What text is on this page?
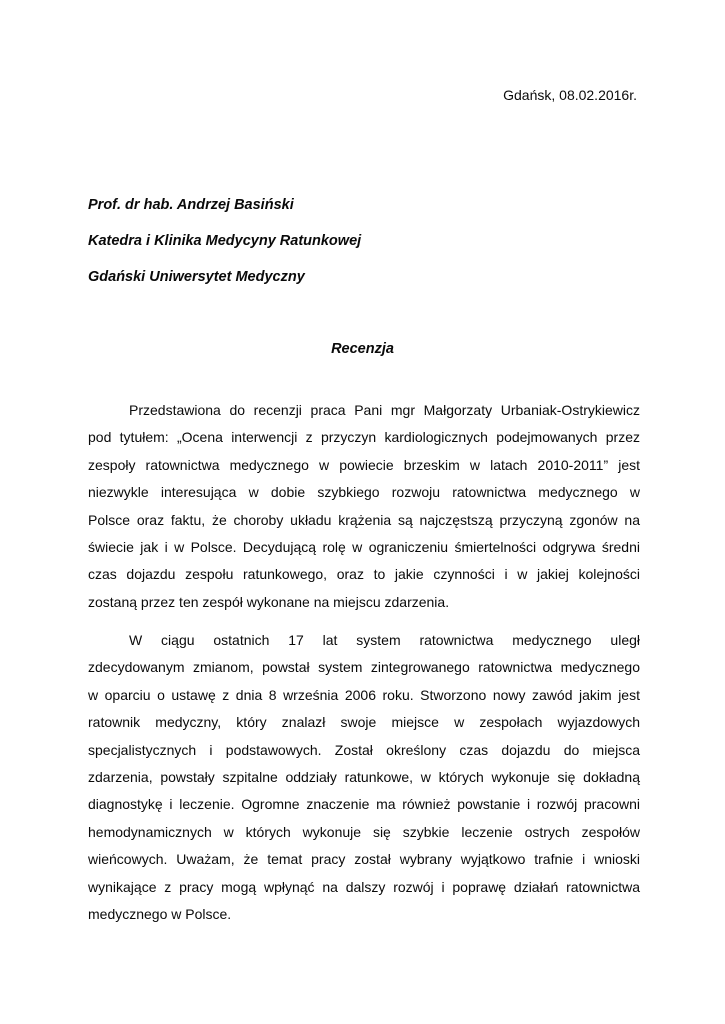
Gdańsk, 08.02.2016r.
Prof. dr hab. Andrzej Basiński
Katedra i Klinika Medycyny Ratunkowej
Gdański Uniwersytet Medyczny
Recenzja
Przedstawiona do recenzji praca Pani mgr Małgorzaty Urbaniak-Ostrykiewicz
pod tytułem: „Ocena interwencji z przyczyn kardiologicznych podejmowanych przez
zespoły ratownictwa medycznego w powiecie brzeskim w latach 2010-2011” jest
niezwykle interesująca w dobie szybkiego rozwoju ratownictwa medycznego w
Polsce oraz faktu, że choroby układu krążenia są najczęstszą przyczyną zgonów na
świecie jak i w Polsce. Decydującą rolę w ograniczeniu śmiertelności odgrywa średni
czas dojazdu zespołu ratunkowego, oraz to jakie czynności i w jakiej kolejności
zostaną przez ten zespół wykonane na miejscu zdarzenia.
W ciągu ostatnich 17 lat system ratownictwa medycznego uległ
zdecydowanym zmianom, powstał system zintegrowanego ratownictwa medycznego
w oparciu o ustawę z dnia 8 września 2006 roku. Stworzono nowy zawód jakim jest
ratownik medyczny, który znalazł swoje miejsce w zespołach wyjazdowych
specjalistycznych i podstawowych. Został określony czas dojazdu do miejsca
zdarzenia, powstały szpitalne oddziały ratunkowe, w których wykonuje się dokładną
diagnostykę i leczenie. Ogromne znaczenie ma również powstanie i rozwój pracowni
hemodynamicznych w których wykonuje się szybkie leczenie ostrych zespołów
wieńcowych. Uważam, że temat pracy został wybrany wyjątkowo trafnie i wnioski
wynikające z pracy mogą wpłynąć na dalszy rozwój i poprawę działań ratownictwa
medycznego w Polsce.
